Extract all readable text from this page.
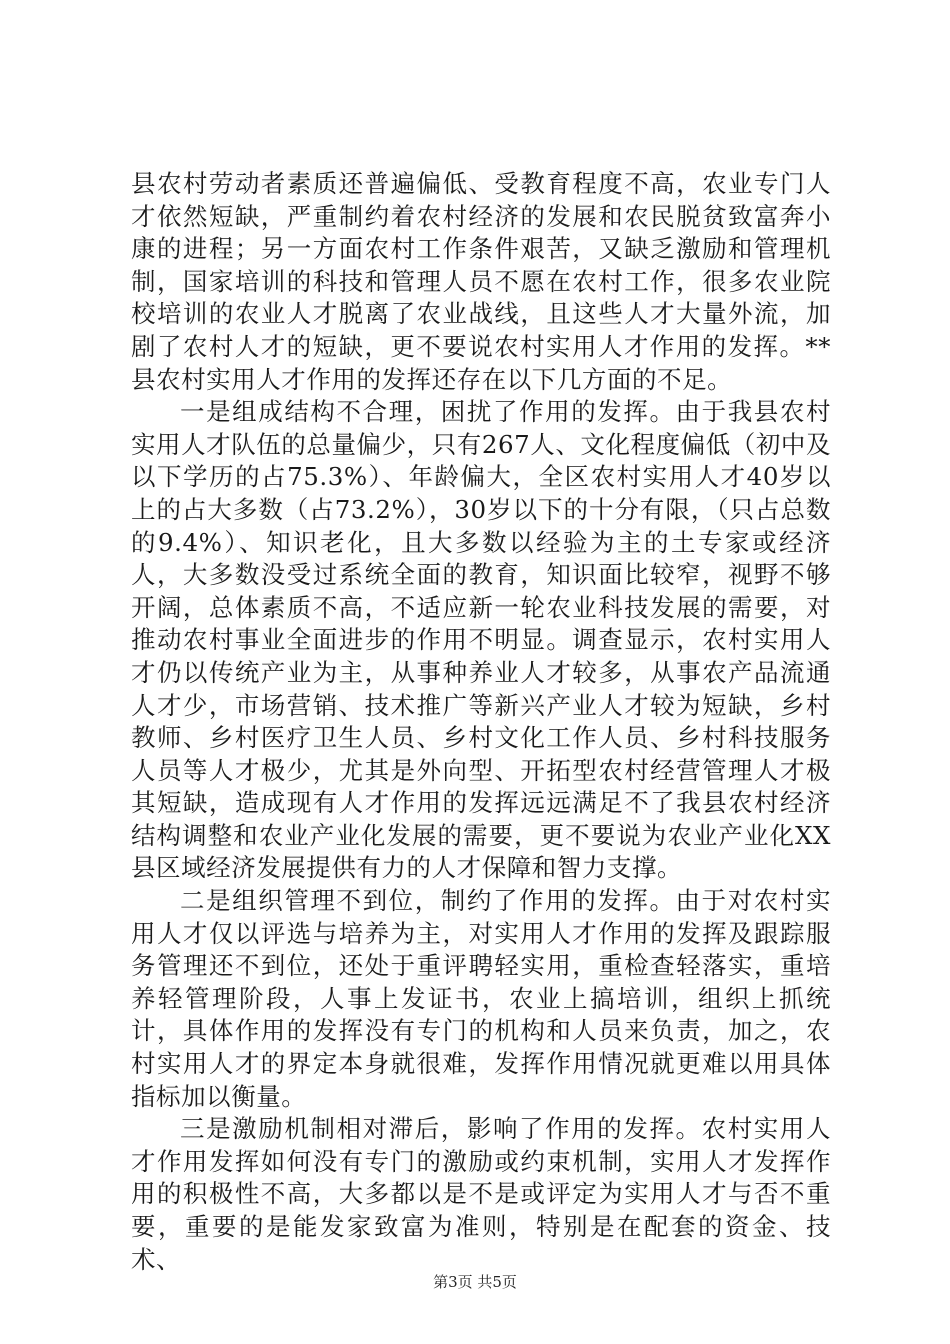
县农村劳动者素质还普遍偏低、受教育程度不高，农业专门人才依然短缺，严重制约着农村经济的发展和农民脱贫致富奔小康的进程；另一方面农村工作条件艰苦，又缺乏激励和管理机制，国家培训的科技和管理人员不愿在农村工作，很多农业院校培训的农业人才脱离了农业战线，且这些人才大量外流，加剧了农村人才的短缺，更不要说农村实用人才作用的发挥。**县农村实用人才作用的发挥还存在以下几方面的不足。

一是组成结构不合理，困扰了作用的发挥。由于我县农村实用人才队伍的总量偏少，只有267人、文化程度偏低（初中及以下学历的占75.3%）、年龄偏大，全区农村实用人才40岁以上的占大多数（占73.2%），30岁以下的十分有限，（只占总数的9.4%）、知识老化，且大多数以经验为主的土专家或经济人，大多数没受过系统全面的教育，知识面比较窄，视野不够开阔，总体素质不高，不适应新一轮农业科技发展的需要，对推动农村事业全面进步的作用不明显。调查显示，农村实用人才仍以传统产业为主，从事种养业人才较多，从事农产品流通人才少，市场营销、技术推广等新兴产业人才较为短缺，乡村教师、乡村医疗卫生人员、乡村文化工作人员、乡村科技服务人员等人才极少，尤其是外向型、开拓型农村经营管理人才极其短缺，造成现有人才作用的发挥远远满足不了我县农村经济结构调整和农业产业化发展的需要，更不要说为农业产业化XX县区域经济发展提供有力的人才保障和智力支撑。

二是组织管理不到位，制约了作用的发挥。由于对农村实用人才仅以评选与培养为主，对实用人才作用的发挥及跟踪服务管理还不到位，还处于重评聘轻实用，重检查轻落实，重培养轻管理阶段，人事上发证书，农业上搞培训，组织上抓统计，具体作用的发挥没有专门的机构和人员来负责，加之，农村实用人才的界定本身就很难，发挥作用情况就更难以用具体指标加以衡量。

三是激励机制相对滞后，影响了作用的发挥。农村实用人才作用发挥如何没有专门的激励或约束机制，实用人才发挥作用的积极性不高，大多都以是不是或评定为实用人才与否不重要，重要的是能发家致富为准则，特别是在配套的资金、技术、

第3页 共5页
